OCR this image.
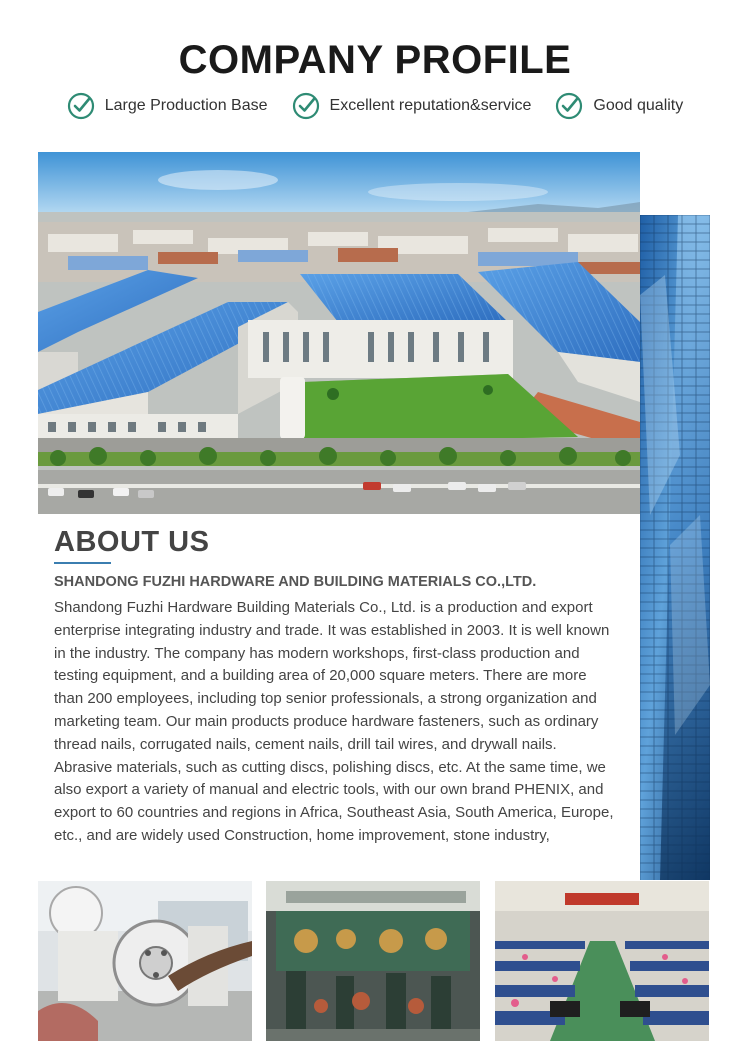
COMPANY PROFILE
Large Production Base	Excellent reputation&service	Good quality
ABOUT US

SHANDONG FUZHI HARDWARE AND BUILDING MATERIALS CO.,LTD.

Shandong Fuzhi Hardware Building Materials Co., Ltd. is a production and export enterprise integrating industry and trade. It was established in 2003. It is well known in the industry. The company has modern workshops, first-class production and testing equipment, and a building area of 20,000 square meters. There are more than 200 employees, including top senior professionals, a strong organization and marketing team. Our main products produce hardware fasteners, such as ordinary thread nails, corrugated nails, cement nails, drill tail wires, and drywall nails. Abrasive materials, such as cutting discs, polishing discs, etc. At the same time, we also export a variety of manual and electric tools, with our own brand PHENIX, and export to 60 countries and regions in Africa, Southeast Asia, South America, Europe, etc., and are widely used Construction, home improvement, stone industry,
